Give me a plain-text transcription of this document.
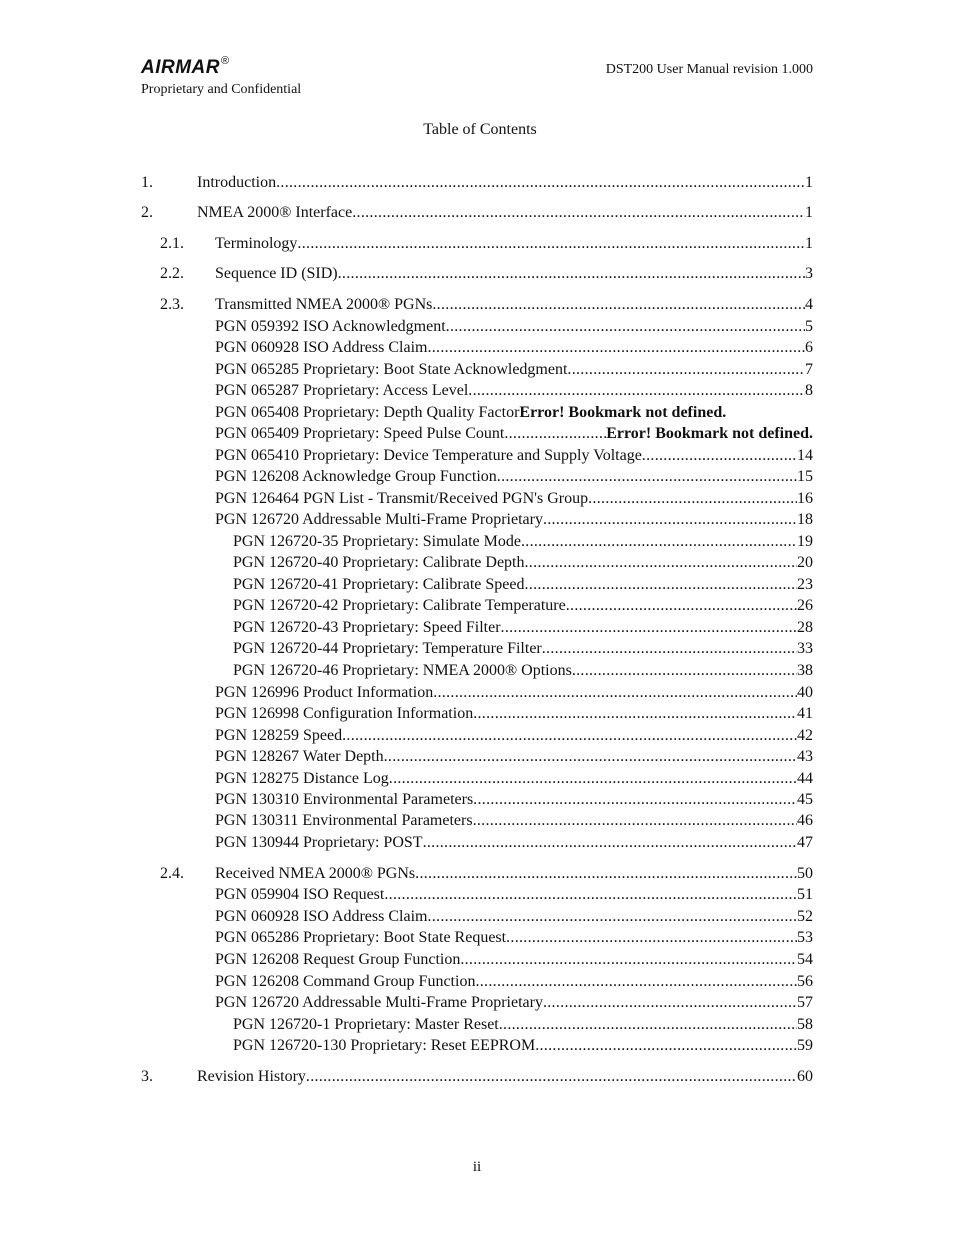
AIRMAR®
Proprietary and Confidential
DST200 User Manual revision 1.000
Table of Contents
1.	Introduction .....	1
2.	NMEA 2000® Interface .....	1
2.1. Terminology .....	1
2.2. Sequence ID (SID) .....	3
2.3. Transmitted NMEA 2000® PGNs .....	4
PGN 059392 ISO Acknowledgment .....	5
PGN 060928 ISO Address Claim .....	6
PGN 065285 Proprietary: Boot State Acknowledgment .....	7
PGN 065287 Proprietary: Access Level .....	8
PGN 065408 Proprietary: Depth Quality Factor Error! Bookmark not defined.
PGN 065409 Proprietary: Speed Pulse Count .....	Error! Bookmark not defined.
PGN 065410 Proprietary: Device Temperature and Supply Voltage .....	14
PGN 126208 Acknowledge Group Function .....	15
PGN 126464 PGN List - Transmit/Received PGN's Group .....	16
PGN 126720 Addressable Multi-Frame Proprietary .....	18
PGN 126720-35 Proprietary: Simulate Mode .....	19
PGN 126720-40 Proprietary: Calibrate Depth .....	20
PGN 126720-41 Proprietary: Calibrate Speed .....	23
PGN 126720-42 Proprietary: Calibrate Temperature .....	26
PGN 126720-43 Proprietary: Speed Filter .....	28
PGN 126720-44 Proprietary: Temperature Filter .....	33
PGN 126720-46 Proprietary: NMEA 2000® Options .....	38
PGN 126996 Product Information .....	40
PGN 126998 Configuration Information .....	41
PGN 128259 Speed .....	42
PGN 128267 Water Depth .....	43
PGN 128275 Distance Log .....	44
PGN 130310 Environmental Parameters .....	45
PGN 130311 Environmental Parameters .....	46
PGN 130944 Proprietary: POST .....	47
2.4. Received NMEA 2000® PGNs .....	50
PGN 059904 ISO Request .....	51
PGN 060928 ISO Address Claim .....	52
PGN 065286 Proprietary: Boot State Request .....	53
PGN 126208 Request Group Function .....	54
PGN 126208 Command Group Function .....	56
PGN 126720 Addressable Multi-Frame Proprietary .....	57
PGN 126720-1 Proprietary: Master Reset .....	58
PGN 126720-130 Proprietary: Reset EEPROM .....	59
3.	Revision History .....	60
ii
